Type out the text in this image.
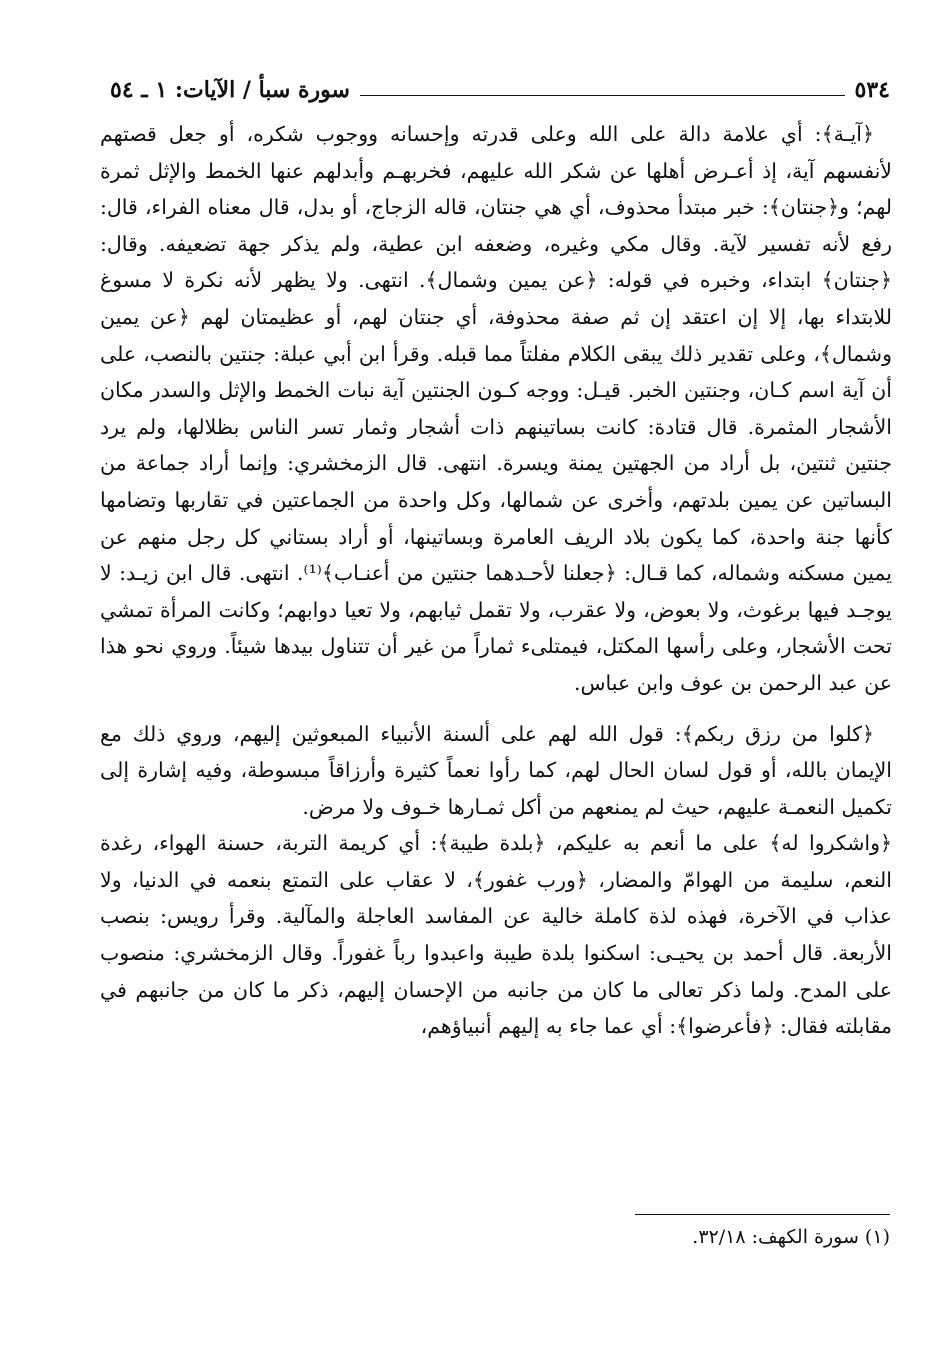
٥٣٤
سورة سبأ / الآيات: ١ ـ ٥٤

﴿آيـة﴾: أي علامة دالة على الله وعلى قدرته وإحسانه ووجوب شكره، أو جعل قصتهم لأنفسهم آية، إذ أعـرض أهلها عن شكر الله عليهم، فخربهـم وأبدلهم عنها الخمط والإثل ثمرة لهم؛ و﴿جنتان﴾: خبر مبتدأ محذوف، أي هي جنتان، قاله الزجاج، أو بدل، قال معناه الفراء، قال: رفع لأنه تفسير لآية. وقال مكي وغيره، وضعفه ابن عطية، ولم يذكر جهة تضعيفه. وقال: ﴿جنتان﴾ ابتداء، وخبره في قوله: ﴿عن يمين وشمال﴾. انتهى. ولا يظهر لأنه نكرة لا مسوغ للابتداء بها، إلا إن اعتقد إن ثم صفة محذوفة، أي جنتان لهم، أو عظيمتان لهم ﴿عن يمين وشمال﴾، وعلى تقدير ذلك يبقى الكلام مفلتاً مما قبله. وقرأ ابن أبي عبلة: جنتين بالنصب، على أن آية اسم كـان، وجنتين الخبر. قيـل: ووجه كـون الجنتين آية نبات الخمط والإثل والسدر مكان الأشجار المثمرة. قال قتادة: كانت بساتينهم ذات أشجار وثمار تسر الناس بظلالها، ولم يرد جنتين ثنتين، بل أراد من الجهتين يمنة ويسرة. انتهى. قال الزمخشري: وإنما أراد جماعة من البساتين عن يمين بلدتهم، وأخرى عن شمالها، وكل واحدة من الجماعتين في تقاربها وتضامها كأنها جنة واحدة، كما يكون بلاد الريف العامرة وبساتينها، أو أراد بستاني كل رجل منهم عن يمين مسكنه وشماله، كما قـال: ﴿جعلنا لأحـدهما جنتين من أعنـاب﴾⁽¹⁾. انتهى. قال ابن زيـد: لا يوجـد فيها برغوث، ولا بعوض، ولا عقرب، ولا تقمل ثيابهم، ولا تعيا دوابهم؛ وكانت المرأة تمشي تحت الأشجار، وعلى رأسها المكتل، فيمتلىء ثماراً من غير أن تتناول بيدها شيئاً. وروي نحو هذا عن عبد الرحمن بن عوف وابن عباس.

﴿كلوا من رزق ربكم﴾: قول الله لهم على ألسنة الأنبياء المبعوثين إليهم، وروي ذلك مع الإيمان بالله، أو قول لسان الحال لهم، كما رأوا نعماً كثيرة وأرزاقاً مبسوطة، وفيه إشارة إلى تكميل النعمـة عليهم، حيث لم يمنعهم من أكل ثمـارها خـوف ولا مرض.

﴿واشكروا له﴾ على ما أنعم به عليكم، ﴿بلدة طيبة﴾: أي كريمة التربة، حسنة الهواء، رغدة النعم، سليمة من الهوامّ والمضار، ﴿ورب غفور﴾، لا عقاب على التمتع بنعمه في الدنيا، ولا عذاب في الآخرة، فهذه لذة كاملة خالية عن المفاسد العاجلة والمآلية. وقرأ رويس: بنصب الأربعة. قال أحمد بن يحيـى: اسكنوا بلدة طيبة واعبدوا رباً غفوراً. وقال الزمخشري: منصوب على المدح. ولما ذكر تعالى ما كان من جانبه من الإحسان إليهم، ذكر ما كان من جانبهم في مقابلته فقال: ﴿فأعرضوا﴾: أي عما جاء به إليهم أنبياؤهم،

(١) سورة الكهف: ٣٢/١٨.
